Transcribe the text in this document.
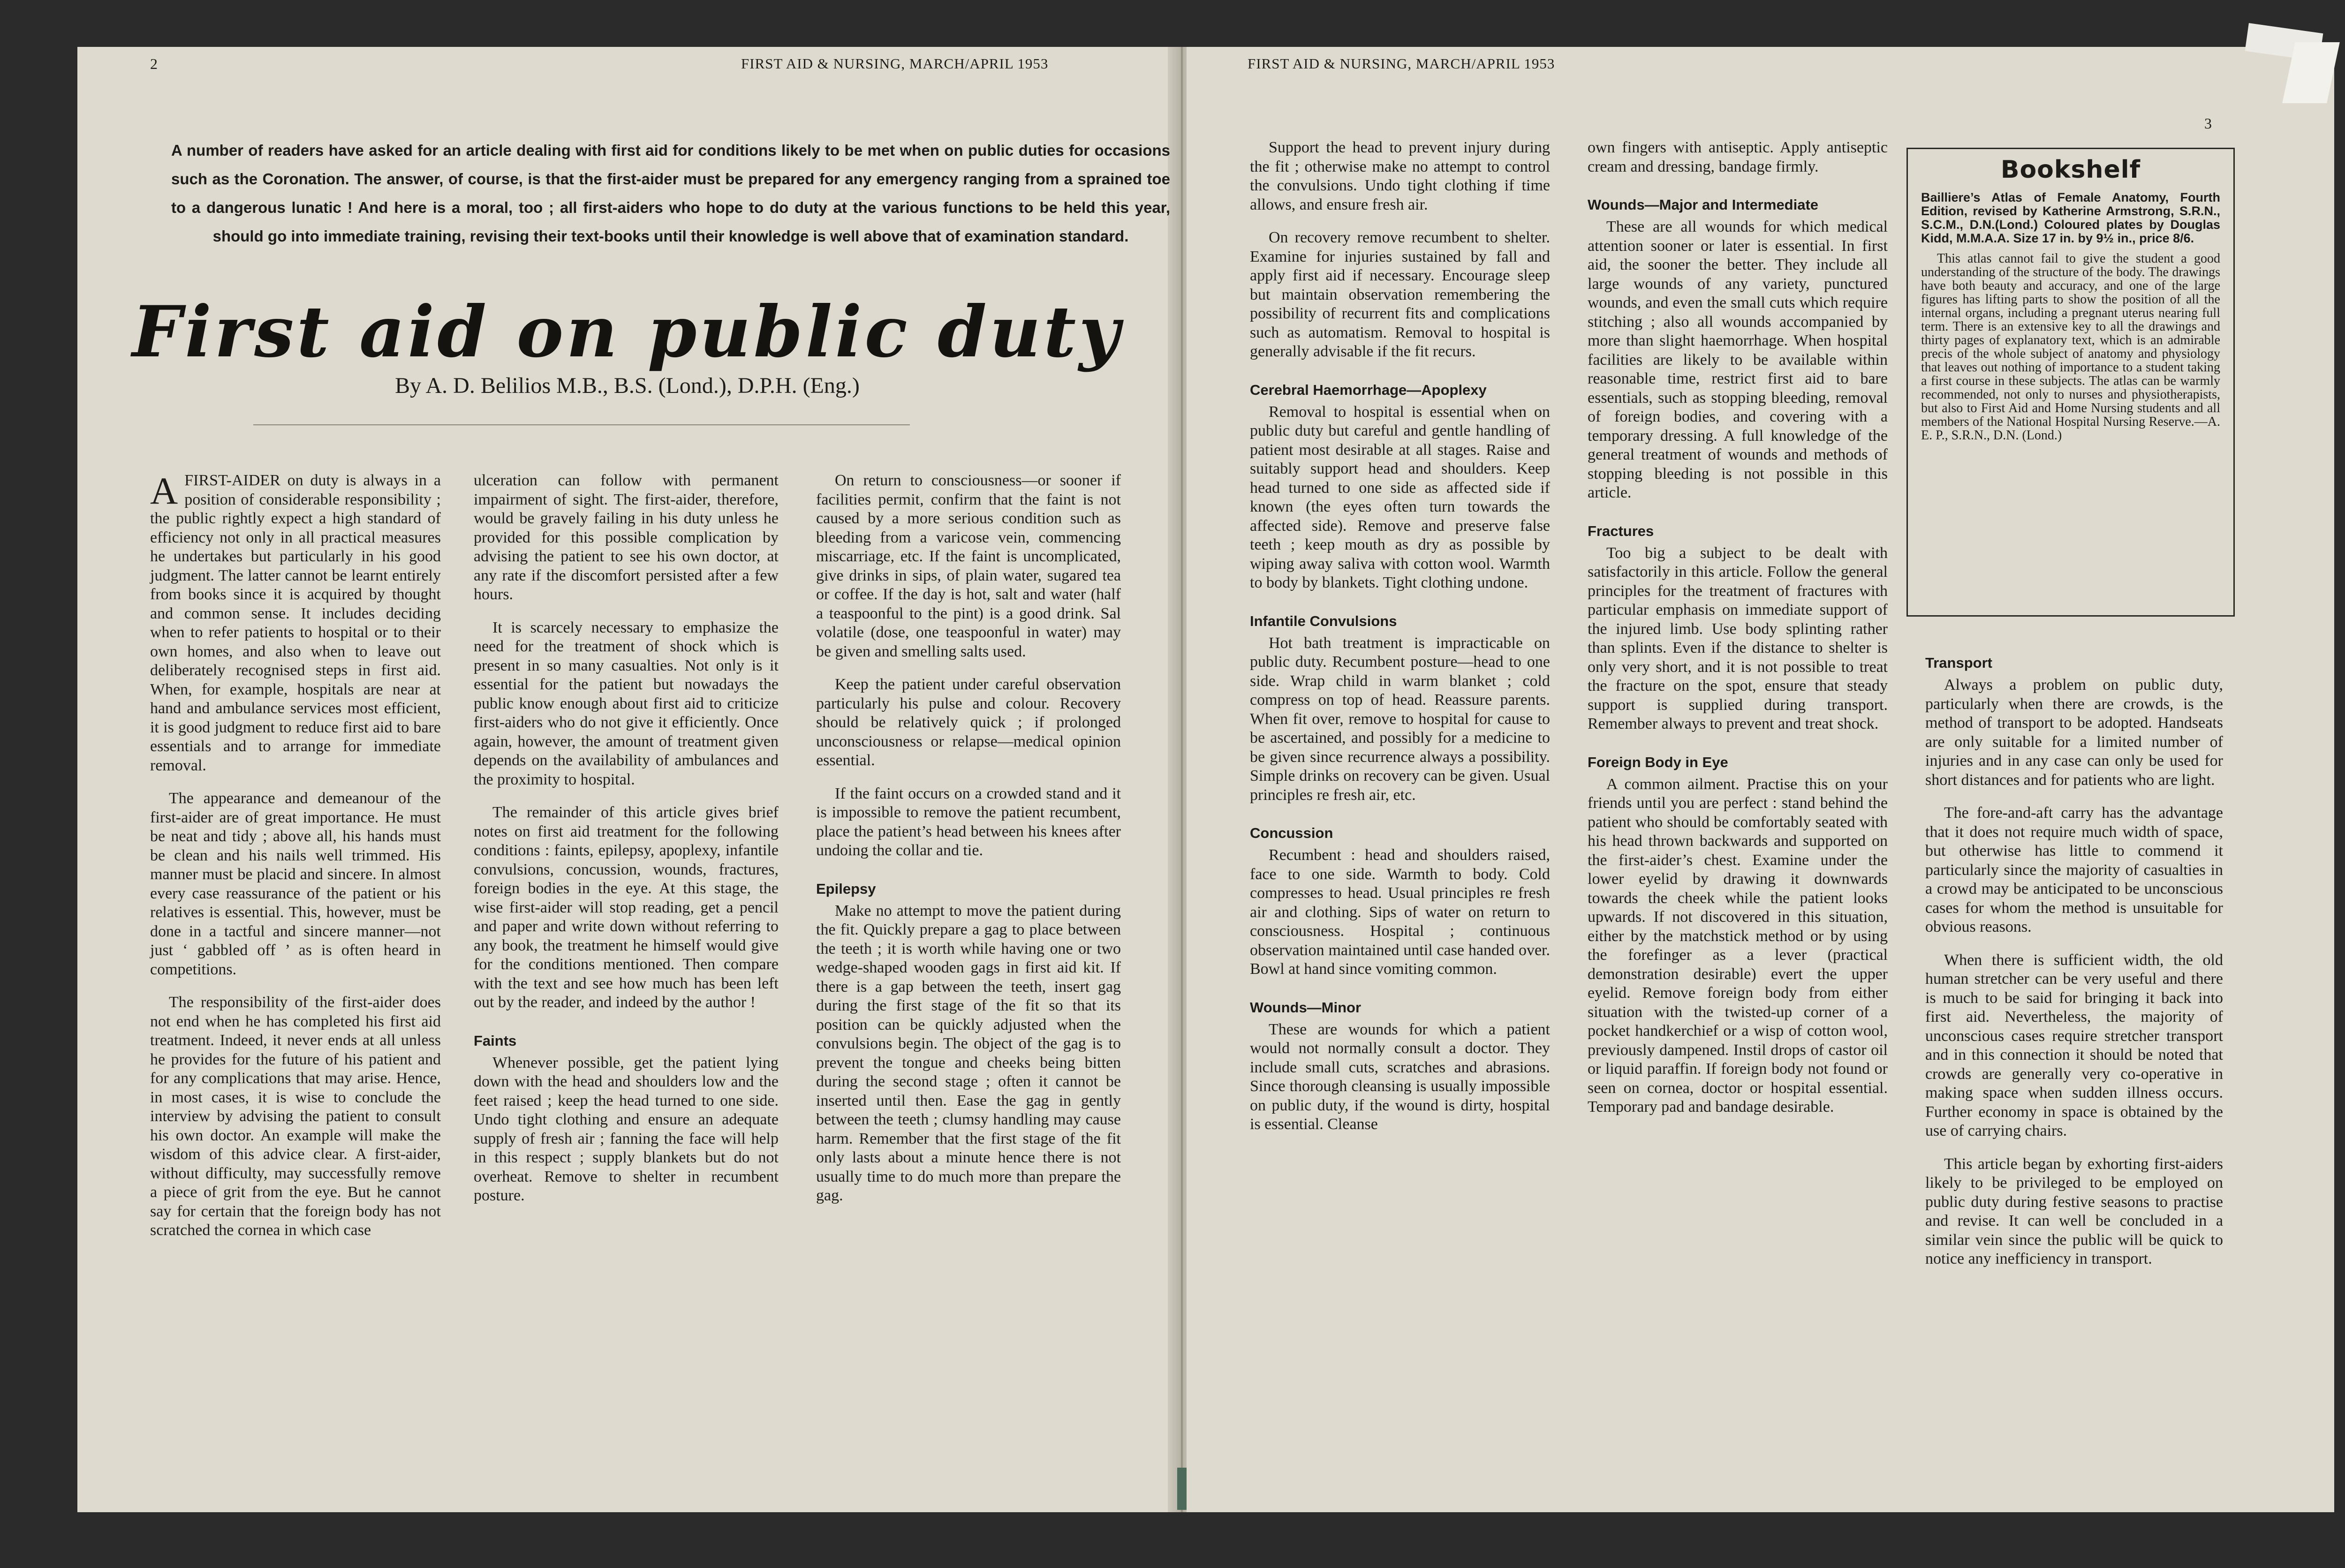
2	FIRST AID & NURSING, MARCH/APRIL 1953
A number of readers have asked for an article dealing with first aid for conditions likely to be met when on public duties for occasions such as the Coronation. The answer, of course, is that the first-aider must be prepared for any emergency ranging from a sprained toe to a dangerous lunatic ! And here is a moral, too ; all first-aiders who hope to do duty at the various functions to be held this year, should go into immediate training, revising their text-books until their knowledge is well above that of examination standard.
First aid on public duty
By A. D. Belilios M.B., B.S. (Lond.), D.P.H. (Eng.)

AFIRST-AIDER on duty is always in a position of considerable responsibility ; the public rightly expect a high standard of efficiency not only in all practical measures he undertakes but particularly in his good judgment. The latter cannot be learnt entirely from books since it is acquired by thought and common sense. It includes deciding when to refer patients to hospital or to their own homes, and also when to leave out deliberately recognised steps in first aid. When, for example, hospitals are near at hand and ambulance services most efficient, it is good judgment to reduce first aid to bare essentials and to arrange for immediate removal.

The appearance and demeanour of the first-aider are of great importance. He must be neat and tidy ; above all, his hands must be clean and his nails well trimmed. His manner must be placid and sincere. In almost every case reassurance of the patient or his relatives is essential. This, however, must be done in a tactful and sincere manner—not just ‘ gabbled off ’ as is often heard in competitions.

The responsibility of the first-aider does not end when he has completed his first aid treatment. Indeed, it never ends at all unless he provides for the future of his patient and for any complications that may arise. Hence, in most cases, it is wise to conclude the interview by advising the patient to consult his own doctor. An example will make the wisdom of this advice clear. A first-aider, without difficulty, may successfully remove a piece of grit from the eye. But he cannot say for certain that the foreign body has not scratched the cornea in which case

ulceration can follow with permanent impairment of sight. The first-aider, therefore, would be gravely failing in his duty unless he provided for this possible complication by advising the patient to see his own doctor, at any rate if the discomfort persisted after a few hours.

It is scarcely necessary to emphasize the need for the treatment of shock which is present in so many casualties. Not only is it essential for the patient but nowadays the public know enough about first aid to criticize first-aiders who do not give it efficiently. Once again, however, the amount of treatment given depends on the availability of ambulances and the proximity to hospital.

The remainder of this article gives brief notes on first aid treatment for the following conditions : faints, epilepsy, apoplexy, infantile convulsions, concussion, wounds, fractures, foreign bodies in the eye. At this stage, the wise first-aider will stop reading, get a pencil and paper and write down without referring to any book, the treatment he himself would give for the conditions mentioned. Then compare with the text and see how much has been left out by the reader, and indeed by the author !

Faints

Whenever possible, get the patient lying down with the head and shoulders low and the feet raised ; keep the head turned to one side. Undo tight clothing and ensure an adequate supply of fresh air ; fanning the face will help in this respect ; supply blankets but do not overheat. Remove to shelter in recumbent posture.

On return to consciousness—or sooner if facilities permit, confirm that the faint is not caused by a more serious condition such as bleeding from a varicose vein, commencing miscarriage, etc. If the faint is uncomplicated, give drinks in sips, of plain water, sugared tea or coffee. If the day is hot, salt and water (half a teaspoonful to the pint) is a good drink. Sal volatile (dose, one teaspoonful in water) may be given and smelling salts used.

Keep the patient under careful observation particularly his pulse and colour. Recovery should be relatively quick ; if prolonged unconsciousness or relapse—medical opinion essential.

If the faint occurs on a crowded stand and it is impossible to remove the patient recumbent, place the patient’s head between his knees after undoing the collar and tie.

Epilepsy

Make no attempt to move the patient during the fit. Quickly prepare a gag to place between the teeth ; it is worth while having one or two wedge-shaped wooden gags in first aid kit. If there is a gap between the teeth, insert gag during the first stage of the fit so that its position can be quickly adjusted when the convulsions begin. The object of the gag is to prevent the tongue and cheeks being bitten during the second stage ; often it cannot be inserted until then. Ease the gag in gently between the teeth ; clumsy handling may cause harm. Remember that the first stage of the fit only lasts about a minute hence there is not usually time to do much more than prepare the gag.

FIRST AID & NURSING, MARCH/APRIL 1953
3

Support the head to prevent injury during the fit ; otherwise make no attempt to control the convulsions. Undo tight clothing if time allows, and ensure fresh air.

On recovery remove recumbent to shelter. Examine for injuries sustained by fall and apply first aid if necessary. Encourage sleep but maintain observation remembering the possibility of recurrent fits and complications such as automatism. Removal to hospital is generally advisable if the fit recurs.

Cerebral Haemorrhage—Apoplexy

Removal to hospital is essential when on public duty but careful and gentle handling of patient most desirable at all stages. Raise and suitably support head and shoulders. Keep head turned to one side as affected side if known (the eyes often turn towards the affected side). Remove and preserve false teeth ; keep mouth as dry as possible by wiping away saliva with cotton wool. Warmth to body by blankets. Tight clothing undone.

Infantile Convulsions

Hot bath treatment is impracticable on public duty. Recumbent posture—head to one side. Wrap child in warm blanket ; cold compress on top of head. Reassure parents. When fit over, remove to hospital for cause to be ascertained, and possibly for a medicine to be given since recurrence always a possibility. Simple drinks on recovery can be given. Usual principles re fresh air, etc.

Concussion

Recumbent : head and shoulders raised, face to one side. Warmth to body. Cold compresses to head. Usual principles re fresh air and clothing. Sips of water on return to consciousness. Hospital ; continuous observation maintained until case handed over. Bowl at hand since vomiting common.

Wounds—Minor

These are wounds for which a patient would not normally consult a doctor. They include small cuts, scratches and abrasions. Since thorough cleansing is usually impossible on public duty, if the wound is dirty, hospital is essential. Cleanse

own fingers with antiseptic. Apply antiseptic cream and dressing, bandage firmly.

Wounds—Major and Intermediate

These are all wounds for which medical attention sooner or later is essential. In first aid, the sooner the better. They include all large wounds of any variety, punctured wounds, and even the small cuts which require stitching ; also all wounds accompanied by more than slight haemorrhage. When hospital facilities are likely to be available within reasonable time, restrict first aid to bare essentials, such as stopping bleeding, removal of foreign bodies, and covering with a temporary dressing. A full knowledge of the general treatment of wounds and methods of stopping bleeding is not possible in this article.

Fractures

Too big a subject to be dealt with satisfactorily in this article. Follow the general principles for the treatment of fractures with particular emphasis on immediate support of the injured limb. Use body splinting rather than splints. Even if the distance to shelter is only very short, and it is not possible to treat the fracture on the spot, ensure that steady support is supplied during transport. Remember always to prevent and treat shock.

Foreign Body in Eye

A common ailment. Practise this on your friends until you are perfect : stand behind the patient who should be comfortably seated with his head thrown backwards and supported on the first-aider’s chest. Examine under the lower eyelid by drawing it downwards towards the cheek while the patient looks upwards. If not discovered in this situation, either by the matchstick method or by using the forefinger as a lever (practical demonstration desirable) evert the upper eyelid. Remove foreign body from either situation with the twisted-up corner of a pocket handkerchief or a wisp of cotton wool, previously dampened. Instil drops of castor oil or liquid paraffin. If foreign body not found or seen on cornea, doctor or hospital essential. Temporary pad and bandage desirable.

Bookshelf
Bailliere’s Atlas of Female Anatomy, Fourth Edition, revised by Katherine Armstrong, S.R.N., S.C.M., D.N.(Lond.) Coloured plates by Douglas Kidd, M.M.A.A. Size 17 in. by 9½ in., price 8/6.
This atlas cannot fail to give the student a good understanding of the structure of the body. The drawings have both beauty and accuracy, and one of the large figures has lifting parts to show the position of all the internal organs, including a pregnant uterus nearing full term. There is an extensive key to all the drawings and thirty pages of explanatory text, which is an admirable precis of the whole subject of anatomy and physiology that leaves out nothing of importance to a student taking a first course in these subjects. The atlas can be warmly recommended, not only to nurses and physiotherapists, but also to First Aid and Home Nursing students and all members of the National Hospital Nursing Reserve.—A. E. P., S.R.N., D.N. (Lond.)
Transport

Always a problem on public duty, particularly when there are crowds, is the method of transport to be adopted. Handseats are only suitable for a limited number of injuries and in any case can only be used for short distances and for patients who are light.

The fore-and-aft carry has the advantage that it does not require much width of space, but otherwise has little to commend it particularly since the majority of casualties in a crowd may be anticipated to be unconscious cases for whom the method is unsuitable for obvious reasons.

When there is sufficient width, the old human stretcher can be very useful and there is much to be said for bringing it back into first aid. Nevertheless, the majority of unconscious cases require stretcher transport and in this connection it should be noted that crowds are generally very co-operative in making space when sudden illness occurs. Further economy in space is obtained by the use of carrying chairs.

This article began by exhorting first-aiders likely to be privileged to be employed on public duty during festive seasons to practise and revise. It can well be concluded in a similar vein since the public will be quick to notice any inefficiency in transport.
